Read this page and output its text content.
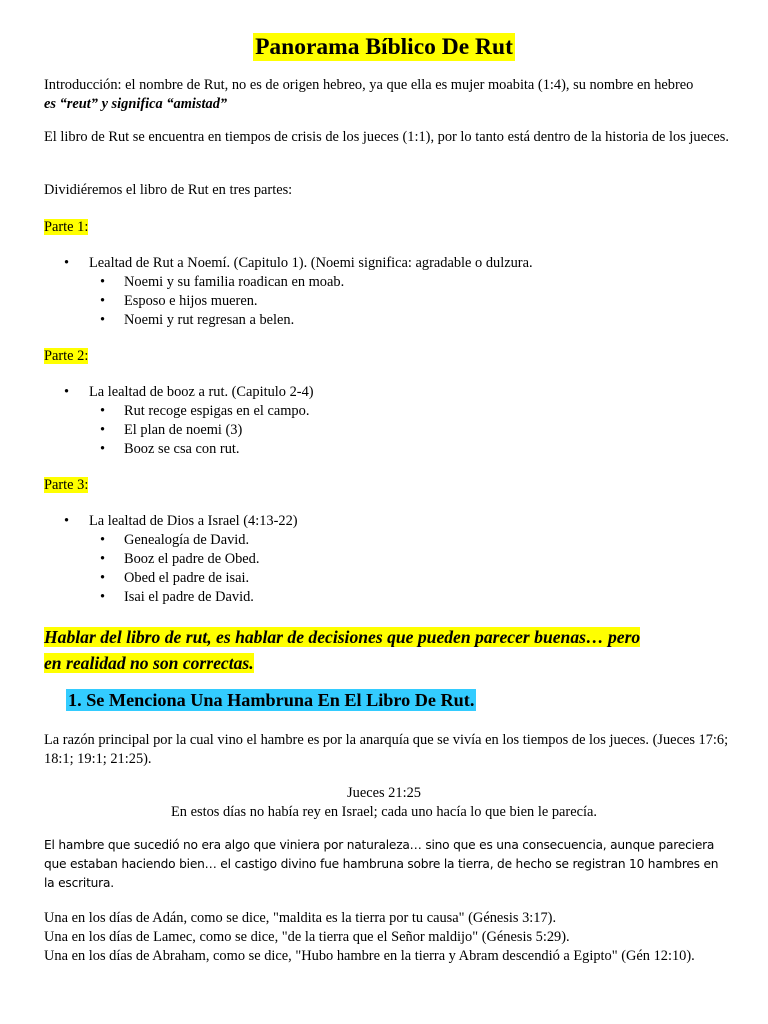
Panorama Bíblico De Rut

Introducción: el nombre de Rut, no es de origen hebreo, ya que ella es mujer moabita (1:4), su nombre en hebreo
es “reut” y significa “amistad”

El libro de Rut se encuentra en tiempos de crisis de los jueces (1:1), por lo tanto está dentro de la historia de los jueces.

Dividiéremos el libro de Rut en tres partes:

Parte 1:

• Lealtad de Rut a Noemí. (Capitulo 1). (Noemi significa: agradable o dulzura.
• Noemi y su familia roadican en moab.
• Esposo e hijos mueren.
• Noemi y rut regresan a belen.

Parte 2:

• La lealtad de booz a rut. (Capitulo 2-4)
• Rut recoge espigas en el campo.
• El plan de noemi (3)
• Booz se csa con rut.

Parte 3:

• La lealtad de Dios a Israel (4:13-22)
• Genealogía de David.
• Booz el padre de Obed.
• Obed el padre de isai.
• Isai el padre de David.

Hablar del libro de rut, es hablar de decisiones que pueden parecer buenas… pero
en realidad no son correctas.

1. Se Menciona Una Hambruna En El Libro De Rut.

La razón principal por la cual vino el hambre es por la anarquía que se vivía en los tiempos de los jueces. (Jueces 17:6; 18:1; 19:1; 21:25).

Jueces 21:25

En estos días no había rey en Israel; cada uno hacía lo que bien le parecía.

El hambre que sucedió no era algo que viniera por naturaleza… sino que es una consecuencia, aunque pareciera que estaban haciendo bien… el castigo divino fue hambruna sobre la tierra, de hecho se registran 10 hambres en la escritura.

Una en los días de Adán, como se dice, "maldita es la tierra por tu causa" (Génesis 3:17).

Una en los días de Lamec, como se dice, "de la tierra que el Señor maldijo" (Génesis 5:29).

Una en los días de Abraham, como se dice, "Hubo hambre en la tierra y Abram descendió a Egipto" (Gén 12:10).
